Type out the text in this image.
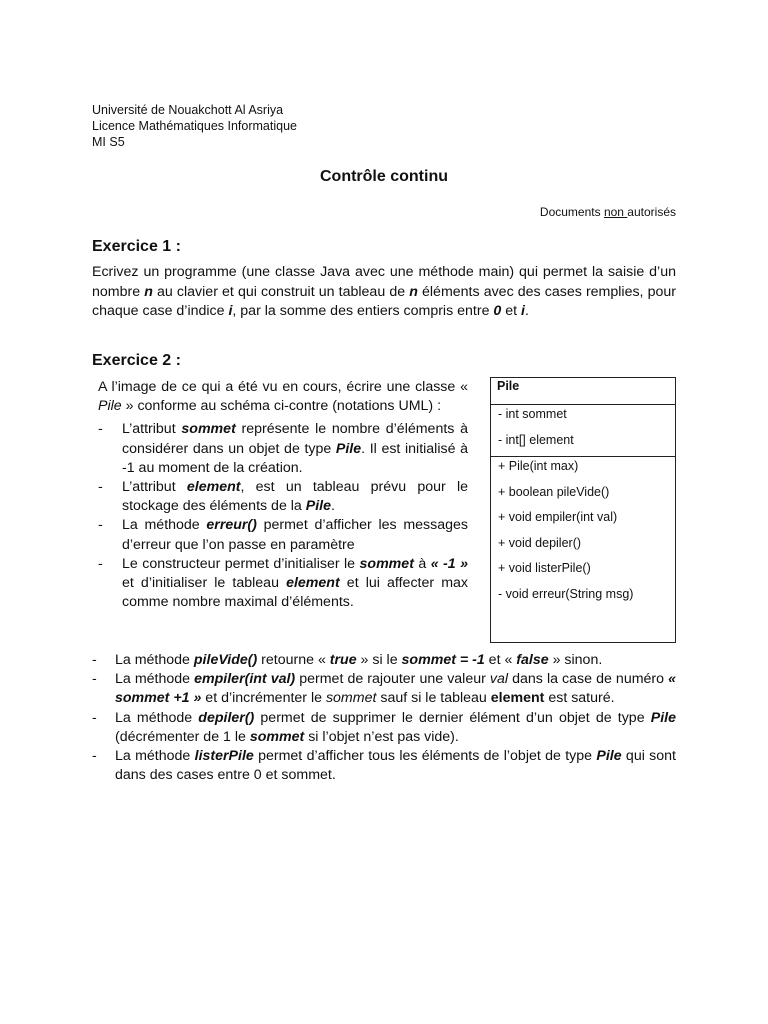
Université de Nouakchott Al Asriya
Licence Mathématiques Informatique
MI S5
Contrôle continu
Documents non autorisés
Exercice 1 :
Ecrivez un programme (une classe Java avec une méthode main) qui permet la saisie d’un nombre n au clavier et qui construit un tableau de n éléments avec des cases remplies, pour chaque case d’indice i, par la somme des entiers compris entre 0 et i.
Exercice 2 :
A l’image de ce qui a été vu en cours, écrire une classe « Pile » conforme au schéma ci-contre (notations UML) :
- L’attribut sommet représente le nombre d’éléments à considérer dans un objet de type Pile. Il est initialisé à -1 au moment de la création.
- L’attribut element, est un tableau prévu pour le stockage des éléments de la Pile.
- La méthode erreur() permet d’afficher les messages d’erreur que l’on passe en paramètre
- Le constructeur permet d’initialiser le sommet à « -1 » et d’initialiser le tableau element et lui affecter max comme nombre maximal d’éléments.
Pile
- int sommet
- int[] element
+ Pile(int max)
+ boolean pileVide()
+ void empiler(int val)
+ void depiler()
+ void listerPile()
- void erreur(String msg)
- La méthode pileVide() retourne « true » si le sommet = -1 et « false » sinon.
- La méthode empiler(int val) permet de rajouter une valeur val dans la case de numéro « sommet +1 » et d’incrémenter le sommet sauf si le tableau element est saturé.
- La méthode depiler() permet de supprimer le dernier élément d’un objet de type Pile (décrémenter de 1 le sommet si l’objet n’est pas vide).
- La méthode listerPile permet d’afficher tous les éléments de l’objet de type Pile qui sont dans des cases entre 0 et sommet.
